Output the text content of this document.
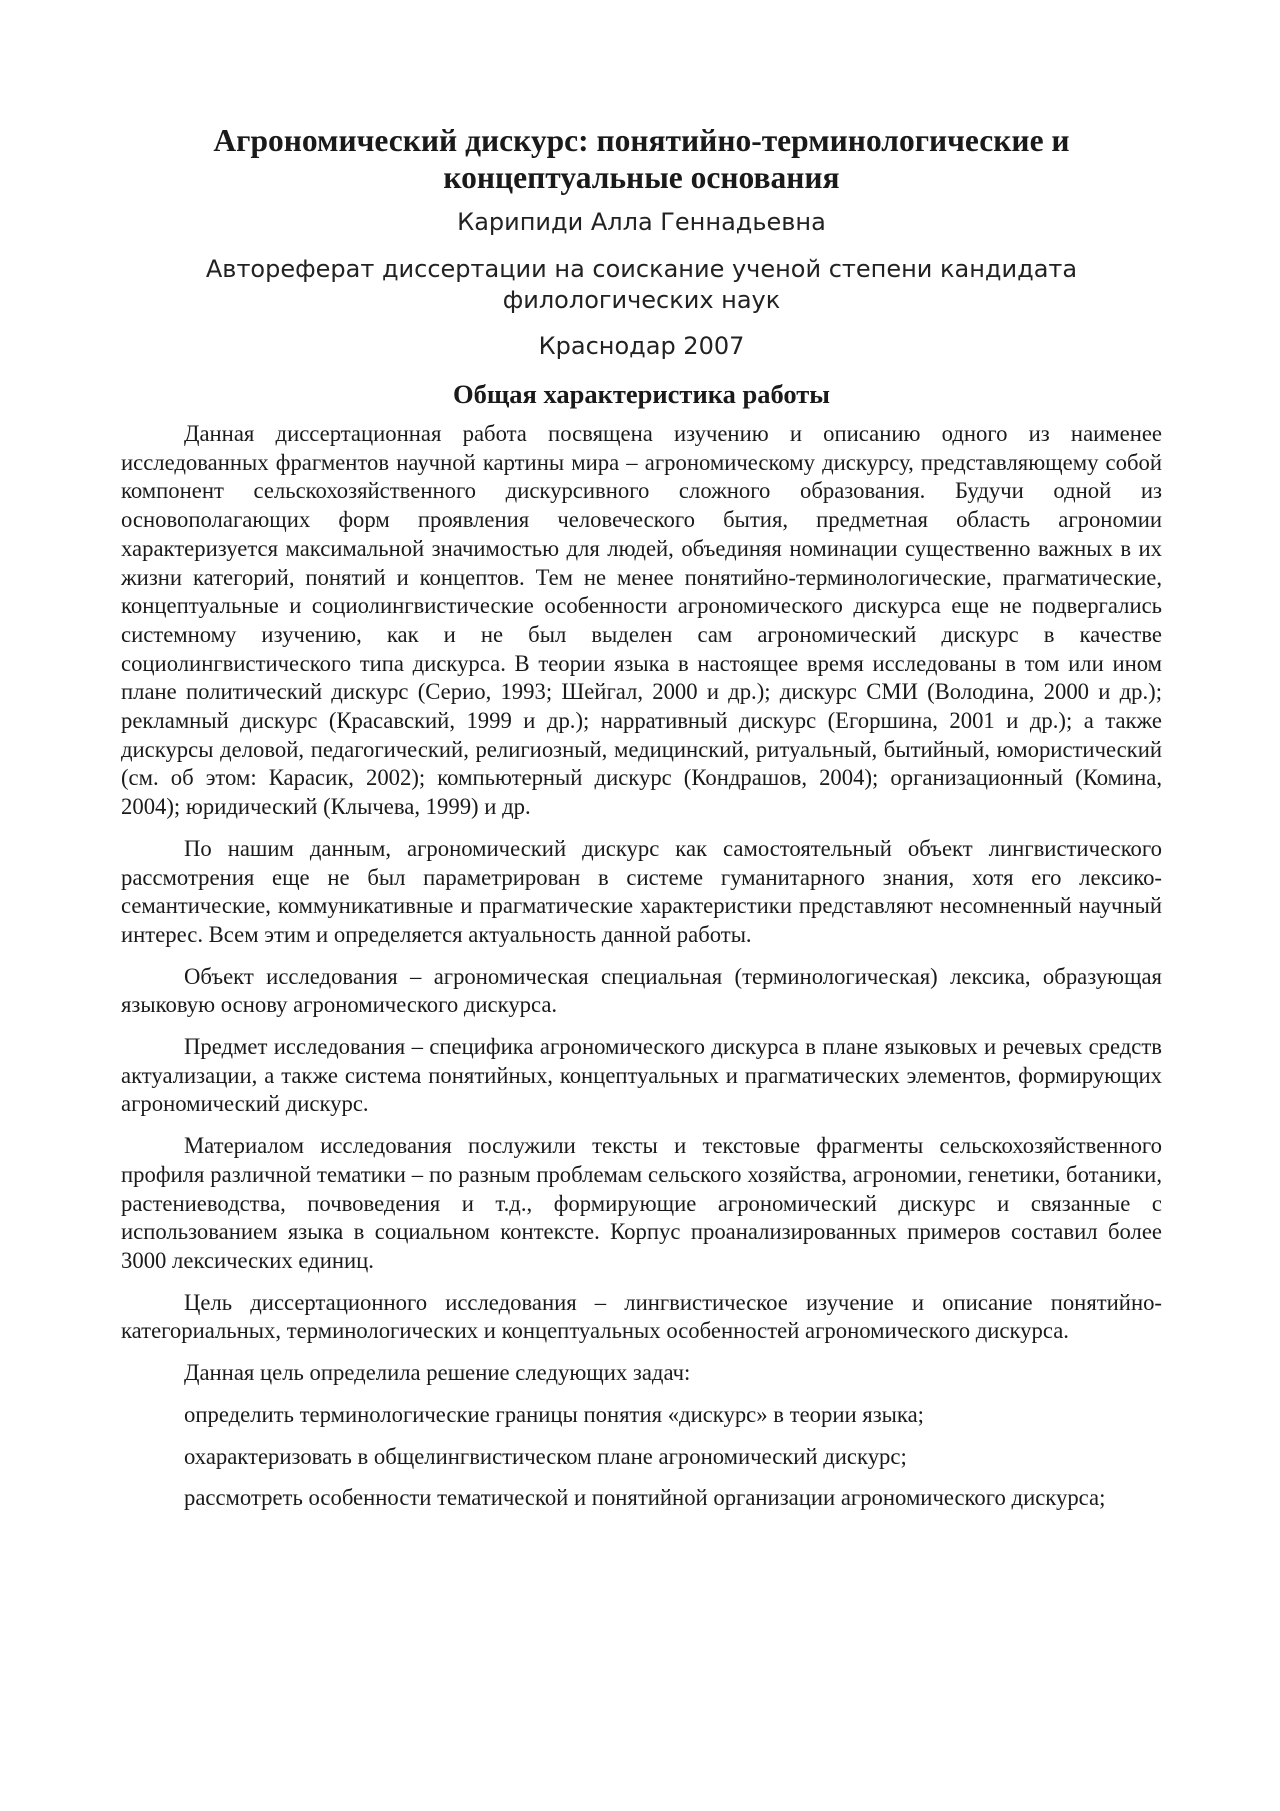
Агрономический дискурс: понятийно-терминологические и концептуальные основания

Карипиди Алла Геннадьевна

Автореферат диссертации на соискание ученой степени кандидата филологических наук

Краснодар 2007

Общая характеристика работы

Данная диссертационная работа посвящена изучению и описанию одного из наименее исследованных фрагментов научной картины мира – агрономическому дискурсу, представляющему собой компонент сельскохозяйственного дискурсивного сложного образования. Будучи одной из основополагающих форм проявления человеческого бытия, предметная область агрономии характеризуется максимальной значимостью для людей, объединяя номинации существенно важных в их жизни категорий, понятий и концептов. Тем не менее понятийно-терминологические, прагматические, концептуальные и социолингвистические особенности агрономического дискурса еще не подвергались системному изучению, как и не был выделен сам агрономический дискурс в качестве социолингвистического типа дискурса. В теории языка в настоящее время исследованы в том или ином плане политический дискурс (Серио, 1993; Шейгал, 2000 и др.); дискурс СМИ (Володина, 2000 и др.); рекламный дискурс (Красавский, 1999 и др.); нарративный дискурс (Егоршина, 2001 и др.); а также дискурсы деловой, педагогический, религиозный, медицинский, ритуальный, бытийный, юмористический (см. об этом: Карасик, 2002); компьютерный дискурс (Кондрашов, 2004); организационный (Комина, 2004); юридический (Клычева, 1999) и др.

По нашим данным, агрономический дискурс как самостоятельный объект лингвистического рассмотрения еще не был параметрирован в системе гуманитарного знания, хотя его лексико-семантические, коммуникативные и прагматические характеристики представляют несомненный научный интерес. Всем этим и определяется актуальность данной работы.

Объект исследования – агрономическая специальная (терминологическая) лексика, образующая языковую основу агрономического дискурса.

Предмет исследования – специфика агрономического дискурса в плане языковых и речевых средств актуализации, а также система понятийных, концептуальных и прагматических элементов, формирующих агрономический дискурс.

Материалом исследования послужили тексты и текстовые фрагменты сельскохозяйственного профиля различной тематики – по разным проблемам сельского хозяйства, агрономии, генетики, ботаники, растениеводства, почвоведения и т.д., формирующие агрономический дискурс и связанные с использованием языка в социальном контексте. Корпус проанализированных примеров составил более 3000 лексических единиц.

Цель диссертационного исследования – лингвистическое изучение и описание понятийно-категориальных, терминологических и концептуальных особенностей агрономического дискурса.

Данная цель определила решение следующих задач:

определить терминологические границы понятия «дискурс» в теории языка;

охарактеризовать в общелингвистическом плане агрономический дискурс;

рассмотреть особенности тематической и понятийной организации агрономического дискурса;
